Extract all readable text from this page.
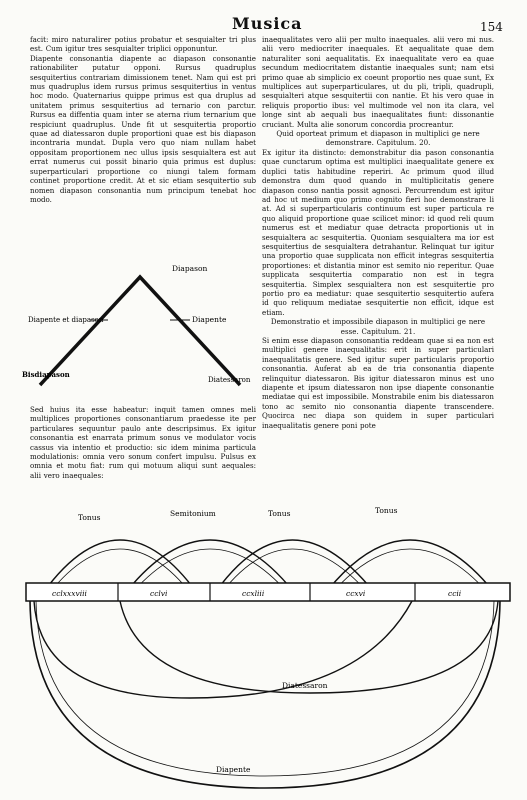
Musica	154

facit: miro naturalirer potius probatur et sesquialter tri plus est. Cum igitur tres sesquialter triplici opponuntur.

Diapente consonantia diapente ac diapason consonantie rationabiliter putatur opponi. Rursus quadruplus sesquitertius contrariam dimissionem tenet. Nam qui est pri mus quadruplus idem rursus primus sesquitertius in ventus hoc modo. Quaternarius quippe primus est qua druplus ad unitatem primus sesquitertius ad ternario con parctur. Rursus ea diffentia quam inter se aterna rium ternarium que respiciunt quadruplus. Unde fit ut sesquitertia proportio quae ad diatessaron duple proportioni quae est bis diapason incontraria mundat. Dupla vero quo niam nullam habet oppositam proportionem nec ullus ipsis sesquialtera est aut errat numerus cui possit binario quia primus est duplus: superparticulari proportione co niungi talem formam continet proportione credit. At et sic etiam sesquitertio sub nomen diapason consonantia num principum tenebat hoc modo.

Diapason
Diapente et diapason	Diapente
Bisdiapason
Diatessaron

inaequalitates vero alii per multo inaequales. alii vero mi nus. alii vero mediocriter inaequales. Et aequalitate quae dem naturaliter soni aequalitatis. Ex inaequalitate vero ea quae secundum mediocritatem distantie inaequales sunt; nam etsi primo quae ab simplicio ex coeunt proportio nes quae sunt, Ex multiplices aut superparticulares, ut du pli, tripli, quadrupli, sesquialteri atque sesquitertii con nantie. Et his vero quae in reliquis proportio ibus: vel multimode vel non ita clara, vel longe sint ab aequali bus inaequalitates fiunt: dissonantie cruciant. Multa alie sonorum concordia procreantur.

Quid oporteat primum et diapason in multiplici ge nere demonstrare. Capitulum. 20.

Ex igitur ita distincto: demonstrabitur dia pason consonantia quae cunctarum optima est multiplici inaequalitate genere ex duplici tatis habitudine reperiri. Ac primum quod illud demonstra dum quod quando in multiplicitatis genere diapason conso nantia possit agnosci. Percurrendum est igitur ad hoc ut medium quo primo cognito fieri hoc demonstrare li at. Ad si superparticularis continuum est super particula re quo aliquid proportione quae scilicet minor: id quod reli quum numerus est et mediatur quae detracta proportionis ut in sesquialtera ac sesquitertia. Quoniam sesquialtera ma ior est sesquitertius de sesquialtera detrahantur. Relinquat tur igitur una proportio quae supplicata non efficit integras sesquitertia proportiones: et distantia minor est semito nio reperitur. Quae supplicata sesquitertia comparatio non est in tegra sesquitertia. Simplex sesquialtera non est sesquitertie pro portio pro ea mediatur: quae sesquitertio sesquitertio aufera id quo reliquum mediatae sesquitertie non efficit, idque est etiam.

Demonstratio et impossibile diapason in multiplici ge nere esse. Capitulum. 21.

Si enim esse diapason consonantia reddeam quae si ea non est multiplici genere inaequalitatis: erit in super particulari inaequalitatis genere. Sed igitur super particularis proportio consonantia. Auferat ab ea de tria consonantia diapente relinquitur diatessaron. Bis igitur diatessaron minus est uno diapente et ipsum diatessaron non ipse diapente consonantie mediatae qui est impossibile. Monstrabile enim bis diatessaron tono ac semito nio consonantia diapente transcendere. Quocirca nec diapa son quidem in super particulari inaequalitatis genere poni pote

Sed huius ita esse habeatur: inquit tamen omnes meli multiplices proportiones consonantiarum praedesse ite per particulares sequuntur paulo ante descripsimus. Ex igitur consonantia est enarrata primum sonus ve modulator vocis cassus via intentio et productio: sic idem minima particula modulationis: omnia vero sonum confert impulsu. Pulsus ex omnia et motu fiat: rum qui motuum aliqui sunt aequales: alii vero inaequales:

Tonus	Semitonium	Tonus	Tonus
cclxxxviii	cclvi	ccxliii	ccxvi	ccii
Diatessaron
Diapente
